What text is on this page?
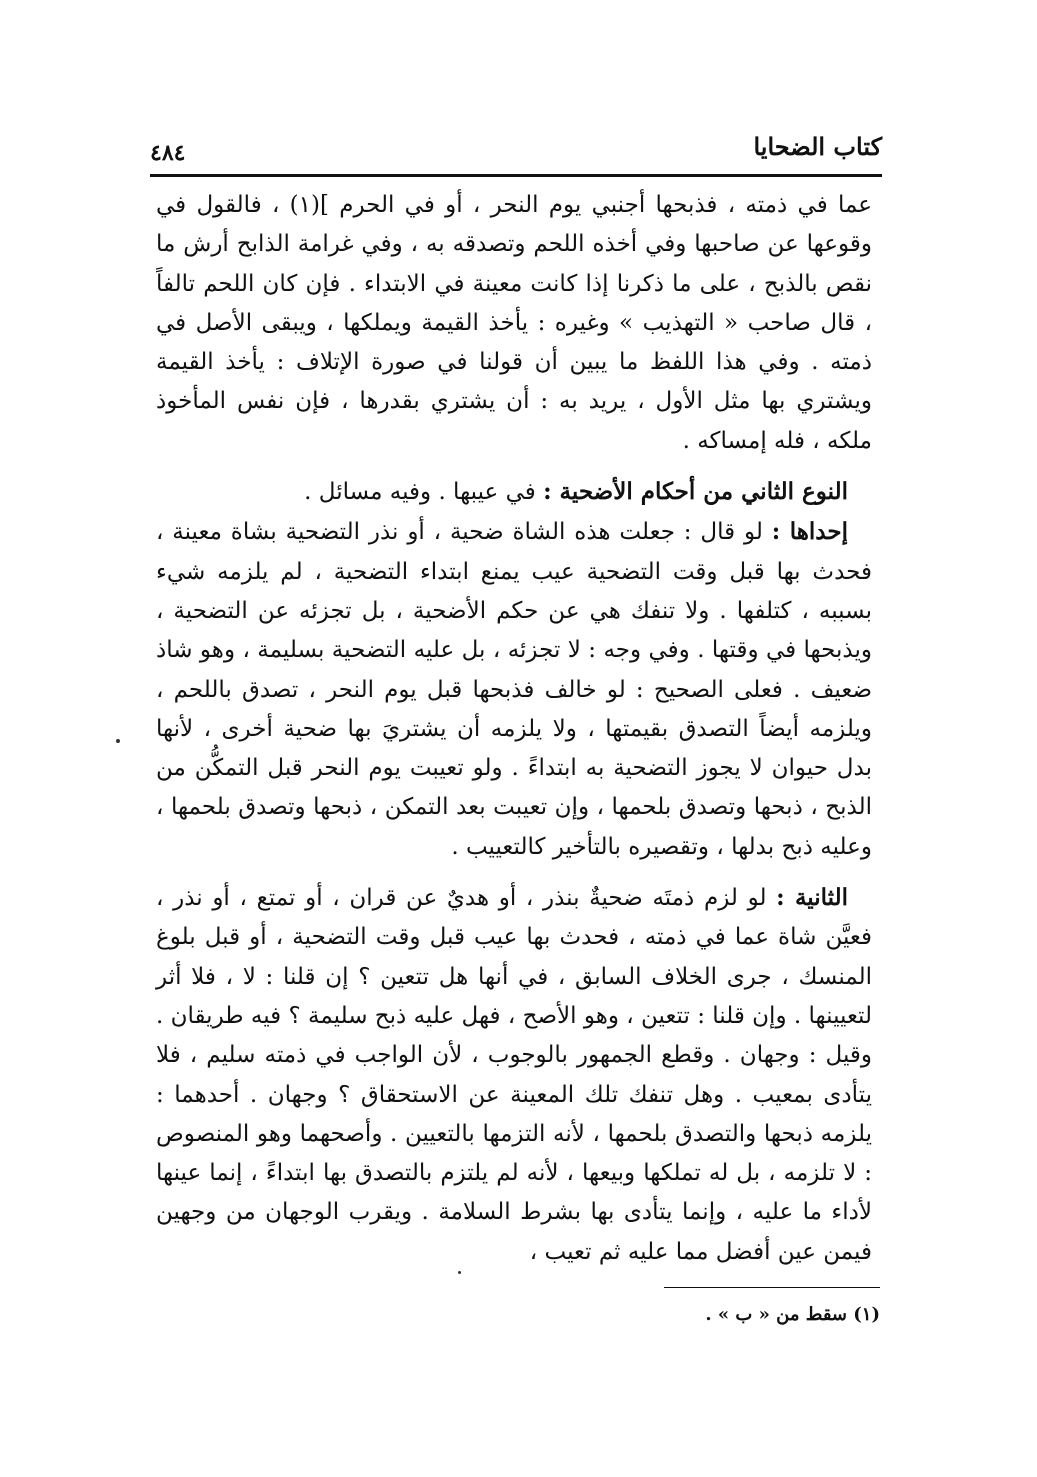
كتاب الضحايا
٤٨٤

عما في ذمته ، فذبحها أجنبي يوم النحر ، أو في الحرم ](١) ، فالقول في وقوعها عن صاحبها وفي أخذه اللحم وتصدقه به ، وفي غرامة الذابح أرش ما نقص بالذبح ، على ما ذكرنا إذا كانت معينة في الابتداء . فإن كان اللحم تالفاً ، قال صاحب « التهذيب » وغيره : يأخذ القيمة ويملكها ، ويبقى الأصل في ذمته . وفي هذا اللفظ ما يبين أن قولنا في صورة الإتلاف : يأخذ القيمة ويشتري بها مثل الأول ، يريد به : أن يشتري بقدرها ، فإن نفس المأخوذ ملكه ، فله إمساكه .

النوع الثاني من أحكام الأضحية : في عيبها . وفيه مسائل .

إحداها : لو قال : جعلت هذه الشاة ضحية ، أو نذر التضحية بشاة معينة ، فحدث بها قبل وقت التضحية عيب يمنع ابتداء التضحية ، لم يلزمه شيء بسببه ، كتلفها . ولا تنفك هي عن حكم الأضحية ، بل تجزئه عن التضحية ، ويذبحها في وقتها . وفي وجه : لا تجزئه ، بل عليه التضحية بسليمة ، وهو شاذ ضعيف . فعلى الصحيح : لو خالف فذبحها قبل يوم النحر ، تصدق باللحم ، ويلزمه أيضاً التصدق بقيمتها ، ولا يلزمه أن يشتريَ بها ضحية أخرى ، لأنها بدل حيوان لا يجوز التضحية به ابتداءً . ولو تعيبت يوم النحر قبل التمكُّن من الذبح ، ذبحها وتصدق بلحمها ، وإن تعيبت بعد التمكن ، ذبحها وتصدق بلحمها ، وعليه ذبح بدلها ، وتقصيره بالتأخير كالتعييب .

الثانية : لو لزم ذمتَه ضحيةٌ بنذر ، أو هديٌ عن قران ، أو تمتع ، أو نذر ، فعيَّن شاة عما في ذمته ، فحدث بها عيب قبل وقت التضحية ، أو قبل بلوغ المنسك ، جرى الخلاف السابق ، في أنها هل تتعين ؟ إن قلنا : لا ، فلا أثر لتعيينها . وإن قلنا : تتعين ، وهو الأصح ، فهل عليه ذبح سليمة ؟ فيه طريقان . وقيل : وجهان . وقطع الجمهور بالوجوب ، لأن الواجب في ذمته سليم ، فلا يتأدى بمعيب . وهل تنفك تلك المعينة عن الاستحقاق ؟ وجهان . أحدهما : يلزمه ذبحها والتصدق بلحمها ، لأنه التزمها بالتعيين . وأصحهما وهو المنصوص : لا تلزمه ، بل له تملكها وبيعها ، لأنه لم يلتزم بالتصدق بها ابتداءً ، إنما عينها لأداء ما عليه ، وإنما يتأدى بها بشرط السلامة . ويقرب الوجهان من وجهين فيمن عين أفضل مما عليه ثم تعيب ،

(١) سقط من « ب » .
